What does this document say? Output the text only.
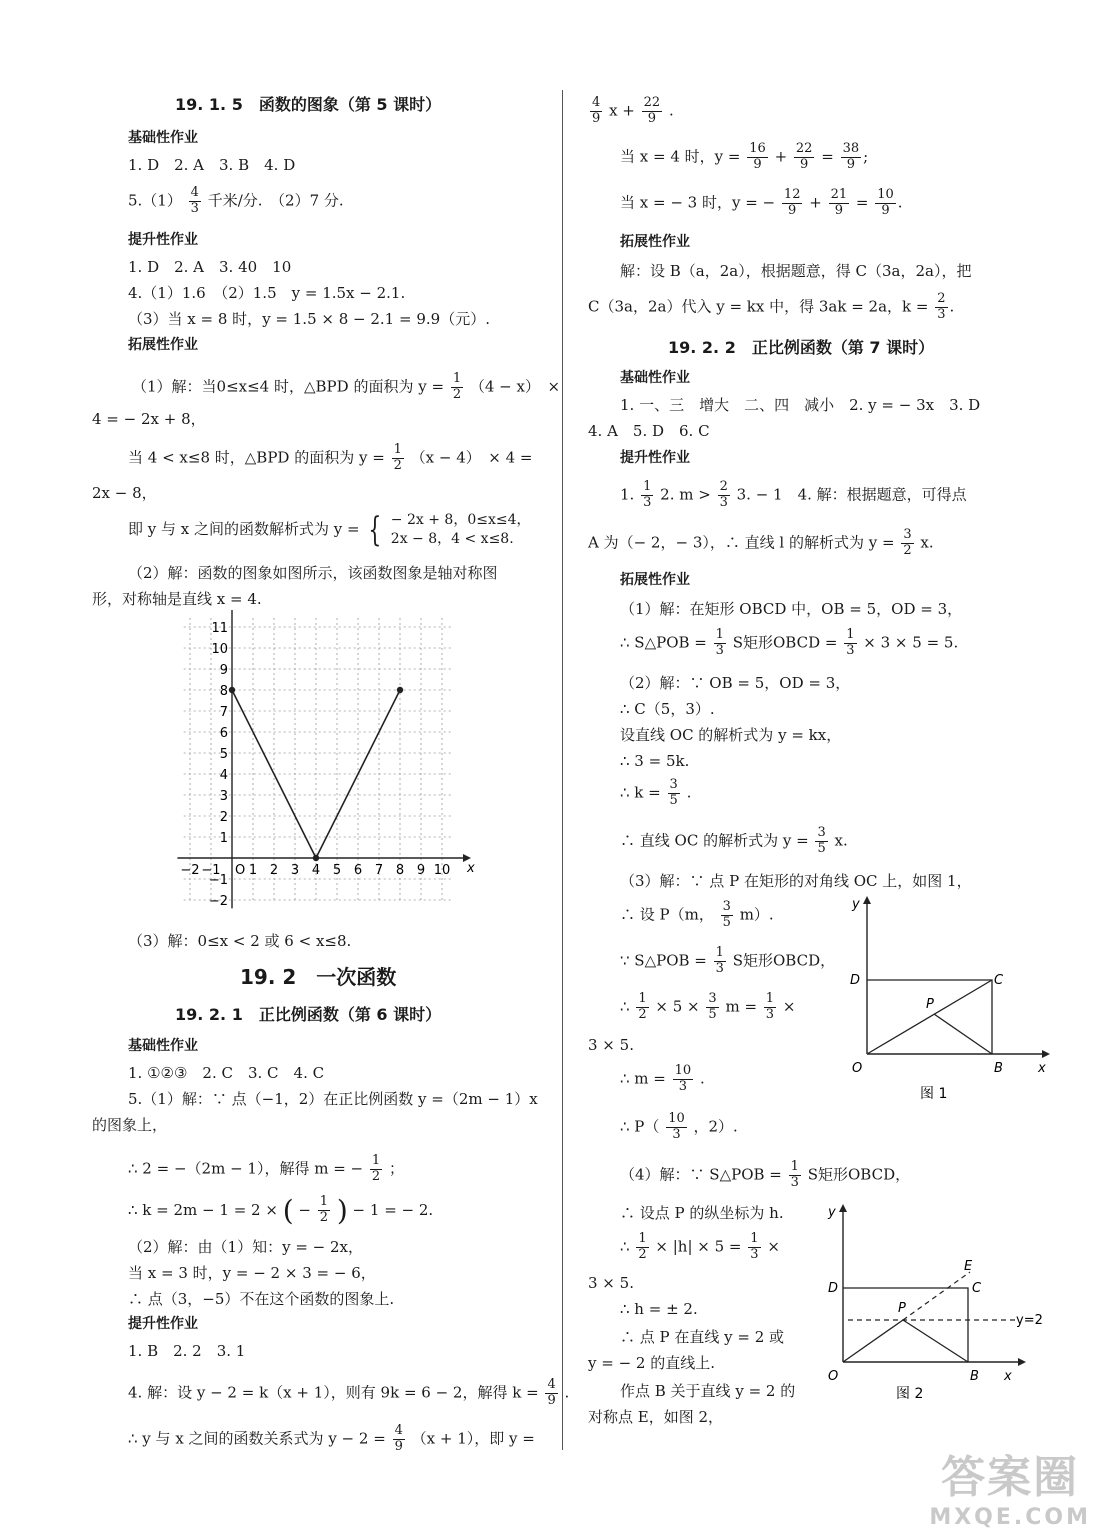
19. 1. 5　函数的图象（第 5 课时）
基础性作业
1. D　2. A　3. B　4. D
$5.(1) \frac{4}{3}$ 千米/分.　（2）7 分.
提升性作业
1. D　2. A　3. 40　10
4.（1）1.6　（2）1.5　y = 1.5x − 2.1.
（3）当 x = 8 时，y = 1.5 × 8 − 2.1 = 9.9（元）.
拓展性作业
（1）解：当0≤x≤4 时，△BPD 的面积为 $y = \frac{1}{2} (4 - x)$　×
4 = − 2x + 8，
当 4 < x≤8 时，△BPD 的面积为 $y = \frac{1}{2} (x - 4)$　× 4 =
2x − 8，
即 y 与 x 之间的函数解析式为 y = { − 2x + 8，0≤x≤4，
2x − 8，4 < x≤8.
（2）解：函数的图象如图所示，该函数图象是轴对称图
形，对称轴是直线 x = 4.
x
O
−2 −1 1 2 3 4 5 6 7 8 9 10
11
10
9
8
7
6
5
4
3
2
1
−1
−2
（3）解：0≤x < 2 或 6 < x≤8.
19. 2　一次函数
19. 2. 1　正比例函数（第 6 课时）
基础性作业
1. ①②③　2. C　3. C　4. C
5.（1）解：∵ 点（−1，2）在正比例函数 y =（2m − 1）x
的图象上，
∴ 2 = −（2m − 1），解得 m = − $\frac{1}{2}$ ；
∴ k = 2m − 1 = 2 × ( − $\frac{1}{2}$ ) − 1 = − 2.
（2）解：由（1）知：y = − 2x，
当 x = 3 时，y = − 2 × 3 = − 6，
∴ 点（3，−5）不在这个函数的图象上.
提升性作业
1. B　2. 2　3. 1
4. 解：设 y − 2 = k（x + 1），则有 9k = 6 − 2，解得 $k = \frac{4}{9}$ .
∴ y 与 x 之间的函数关系式为 $y - 2 = \frac{4}{9} (x + 1)$，即 y =
$\frac{4}{9}$ $x + \frac{22}{9}$ .
当 x = 4 时，$y = \frac{16}{9} + \frac{22}{9} = \frac{38}{9}$ ;
当 x = − 3 时，y = − $\frac{12}{9} + \frac{21}{9} = \frac{10}{9}$ .
拓展性作业
解：设 B（a，2a），根据题意，得 C（3a，2a），把
C（3a，2a）代入 y = kx 中，得 3ak = 2a，$k = \frac{2}{3}$ .
19. 2. 2　正比例函数（第 7 课时）
基础性作业
1. 一、三　增大　二、四　减小　2. y = − 3x　3. D
4. A　5. D　6. C
提升性作业
1. $\frac{1}{3} 2$. $m > \frac{2}{3} 3$. − 1　4. 解：根据题意，可得点
A 为（− 2，− 3），∴ 直线 l 的解析式为 $y = \frac{3}{2} x$.
拓展性作业
（1）解：在矩形 OBCD 中，OB = 5，OD = 3，
∴ S△POB = $\frac{1}{3}$ S矩形OBCD = $\frac{1}{3} \times 3 \times 5 = 5$.
（2）解：∵ OB = 5，OD = 3，
∴ C（5，3）.
设直线 OC 的解析式为 y = kx，
∴ 3 = 5k.
∴ $k = \frac{3}{5}$ .
∴ 直线 OC 的解析式为 $y = \frac{3}{5} x$.
（3）解：∵ 点 P 在矩形的对角线 OC 上，如图 1，
∴ 设 P（m， $\frac{3}{5} m$）.
∵ S△POB = $\frac{1}{3}$ S矩形OBCD，
∴ $\frac{1}{2} \times 5 \times \frac{3}{5}$ $m = \frac{1}{3}$ ×
3 × 5.
∴ $m = \frac{10}{3}$ .
∴ $P( \frac{10}{3}$ ，2）.
（4）解：∵ S△POB = $\frac{1}{3}$ S矩形OBCD，
∴ 设点 P 的纵坐标为 h.
∴ $\frac{1}{2} \times |h| \times 5 = \frac{1}{3}$ ×
3 × 5.
∴ h = ± 2.
∴ 点 P 在直线 y = 2 或
y = − 2 的直线上.
作点 B 关于直线 y = 2 的
对称点 E，如图 2，
y
x
O	B
C
D
P
图 1
y
x
O	B
C
E
D
P
y=2
图 2
答案圈
MXQE.COM
